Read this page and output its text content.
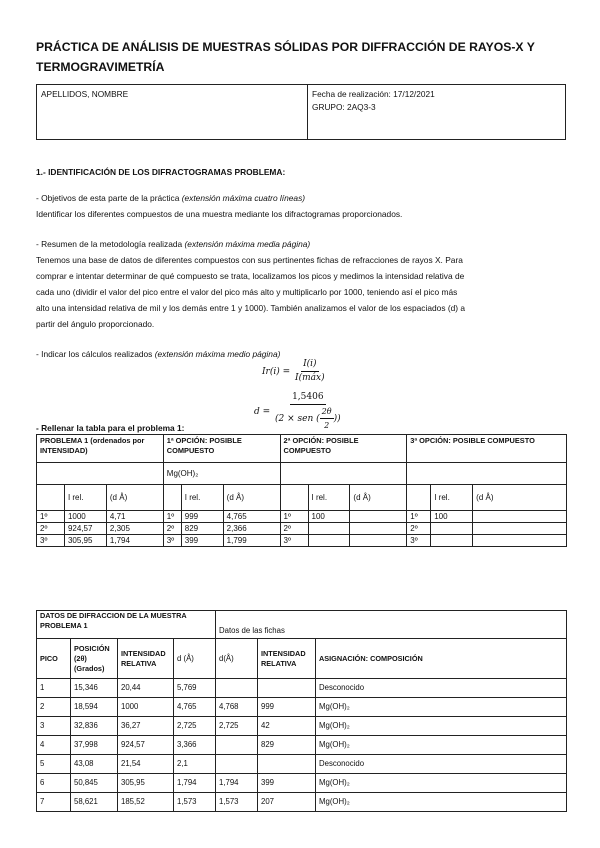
PRÁCTICA DE ANÁLISIS DE MUESTRAS SÓLIDAS POR DIFFRACCIÓN DE RAYOS-X Y TERMOGRAVIMETRÍA
APELLIDOS, NOMBRE	Fecha de realización: 17/12/2021
GRUPO: 2AQ3-3
1.- IDENTIFICACIÓN DE LOS DIFRACTOGRAMAS PROBLEMA:
- Objetivos de esta parte de la práctica (extensión máxima cuatro líneas)
Identificar los diferentes compuestos de una muestra mediante los difractogramas proporcionados.
- Resumen de la metodología realizada (extensión máxima media página)
Tenemos una base de datos de diferentes compuestos con sus pertinentes fichas de refracciones de rayos X. Para
comprar e intentar determinar de qué compuesto se trata, localizamos los picos y medimos la intensidad relativa de
cada uno (dividir el valor del pico entre el valor del pico más alto y multiplicarlo por 1000, teniendo así el pico más
alto una intensidad relativa de mil y los demás entre 1 y 1000). También analizamos el valor de los espaciados (d) a
partir del ángulo proporcionado.
- Indicar los cálculos realizados (extensión máxima medio página)
$Ir(i) = \frac{I(i)}{\text{I(máx)}}$
$d = \frac{1,5406}{(2 \times sen ( \frac{2\theta}{2} ))}$
- Rellenar la tabla para el problema 1:
PROBLEMA 1 (ordenados por INTENSIDAD)			1ª OPCIÓN: POSIBLE COMPUESTO			2ª OPCIÓN: POSIBLE COMPUESTO			3ª OPCIÓN: POSIBLE COMPUESTO		
			Mg(OH)₂								
	I rel.	(d Å)		I rel.	(d Å)		I rel.	(d Å)		I rel.	(d Å)
1º	1000	4,71	1º	999	4,765	1º	100		1º	100	
2º	924,57	2,305	2º	829	2,366	2º			2º		
3º	305,95	1,794	3º	399	1,799	3º			3º		
DATOS DE DIFRACCION DE LA MUESTRA PROBLEMA 1				Datos de las fichas		
PICO	POSICIÓN (2θ) (Grados)	INTENSIDAD RELATIVA	d (Å)	d(Å)	INTENSIDAD RELATIVA	ASIGNACIÓN: COMPOSICIÓN
1	15,346	20,44	5,769			Desconocido
2	18,594	1000	4,765	4,768	999	Mg(OH)₂
3	32,836	36,27	2,725	2,725	42	Mg(OH)₂
4	37,998	924,57	3,366		829	Mg(OH)₂
5	43,08	21,54	2,1			Desconocido
6	50,845	305,95	1,794	1,794	399	Mg(OH)₂
7	58,621	185,52	1,573	1,573	207	Mg(OH)₂
